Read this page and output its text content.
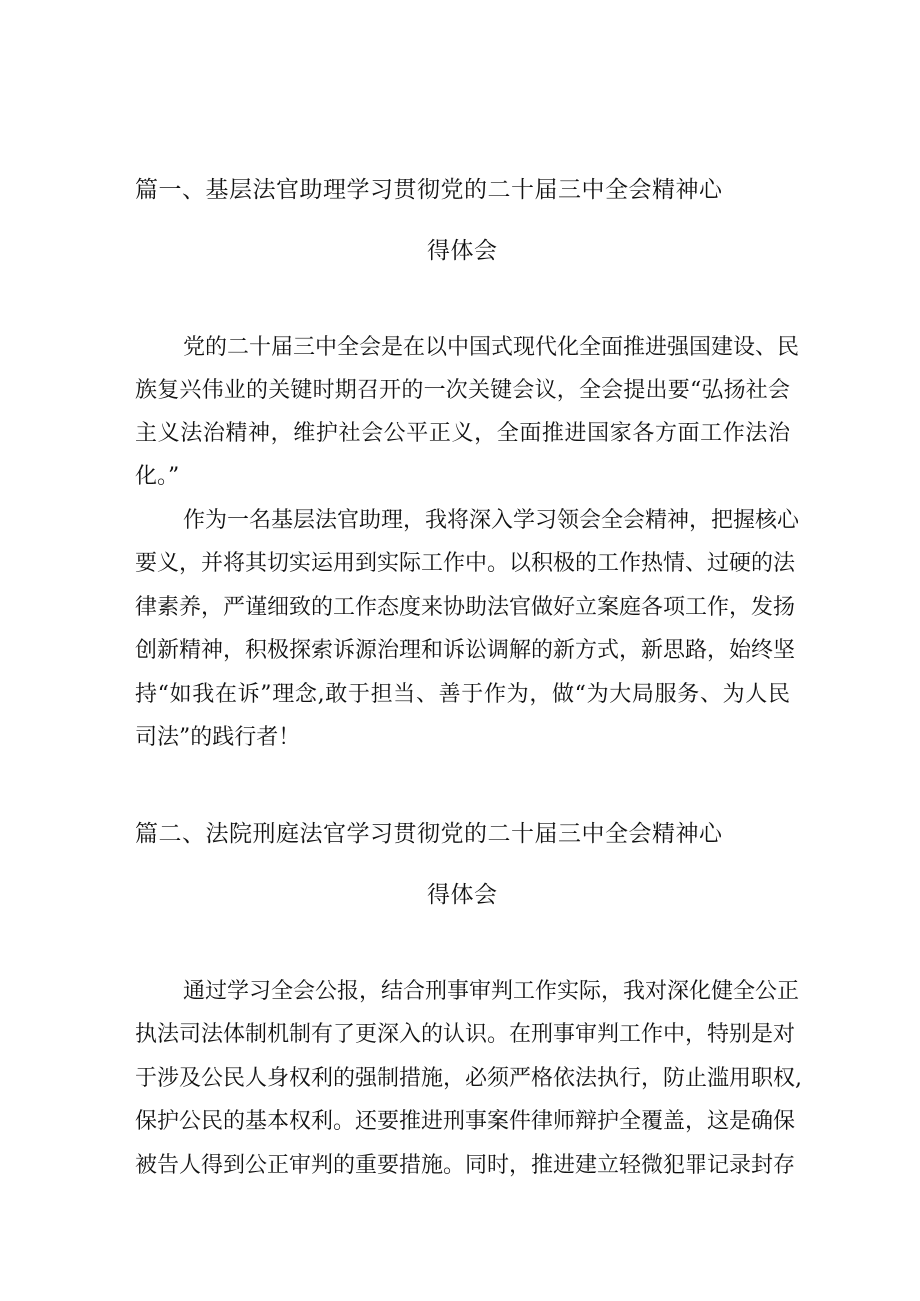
篇一、基层法官助理学习贯彻党的二十届三中全会精神心
得体会
党的二十届三中全会是在以中国式现代化全面推进强国建设、民
族复兴伟业的关键时期召开的一次关键会议，全会提出要“弘扬社会
主义法治精神，维护社会公平正义，全面推进国家各方面工作法治
化。”
作为一名基层法官助理，我将深入学习领会全会精神，把握核心
要义，并将其切实运用到实际工作中。以积极的工作热情、过硬的法
律素养，严谨细致的工作态度来协助法官做好立案庭各项工作，发扬
创新精神，积极探索诉源治理和诉讼调解的新方式，新思路，始终坚
持“如我在诉”理念,敢于担当、善于作为，做“为大局服务、为人民
司法”的践行者！
篇二、法院刑庭法官学习贯彻党的二十届三中全会精神心
得体会
通过学习全会公报，结合刑事审判工作实际，我对深化健全公正
执法司法体制机制有了更深入的认识。在刑事审判工作中，特别是对
于涉及公民人身权利的强制措施，必须严格依法执行，防止滥用职权,
保护公民的基本权利。还要推进刑事案件律师辩护全覆盖，这是确保
被告人得到公正审判的重要措施。同时，推进建立轻微犯罪记录封存
